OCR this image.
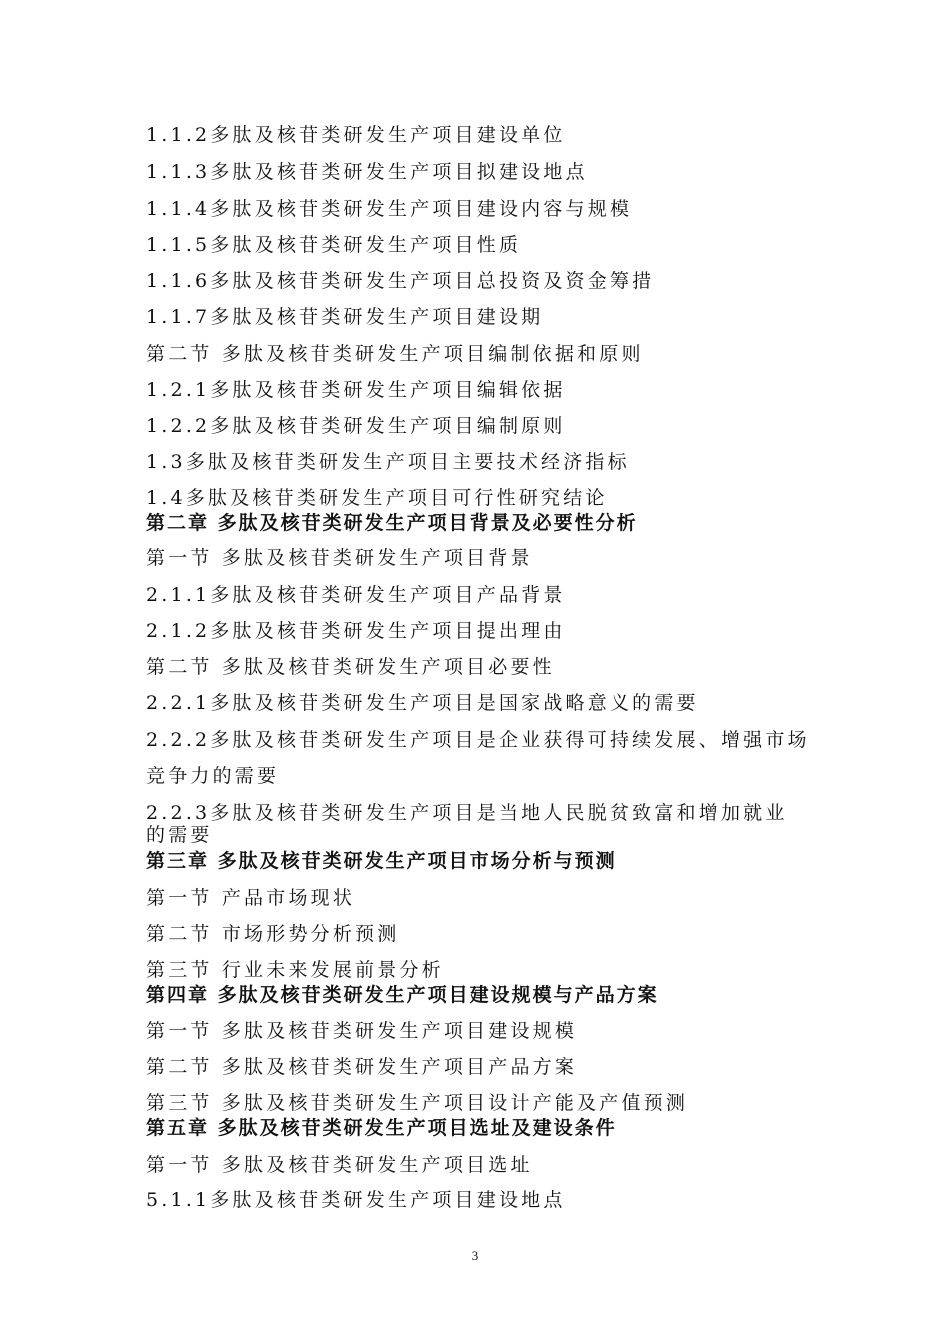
1.1.2多肽及核苷类研发生产项目建设单位
1.1.3多肽及核苷类研发生产项目拟建设地点
1.1.4多肽及核苷类研发生产项目建设内容与规模
1.1.5多肽及核苷类研发生产项目性质
1.1.6多肽及核苷类研发生产项目总投资及资金筹措
1.1.7多肽及核苷类研发生产项目建设期
第二节 多肽及核苷类研发生产项目编制依据和原则
1.2.1多肽及核苷类研发生产项目编辑依据
1.2.2多肽及核苷类研发生产项目编制原则
1.3多肽及核苷类研发生产项目主要技术经济指标
1.4多肽及核苷类研发生产项目可行性研究结论
第二章 多肽及核苷类研发生产项目背景及必要性分析
第一节 多肽及核苷类研发生产项目背景
2.1.1多肽及核苷类研发生产项目产品背景
2.1.2多肽及核苷类研发生产项目提出理由
第二节 多肽及核苷类研发生产项目必要性
2.2.1多肽及核苷类研发生产项目是国家战略意义的需要
2.2.2多肽及核苷类研发生产项目是企业获得可持续发展、增强市场
竞争力的需要
2.2.3多肽及核苷类研发生产项目是当地人民脱贫致富和增加就业
的需要
第三章 多肽及核苷类研发生产项目市场分析与预测
第一节 产品市场现状
第二节 市场形势分析预测
第三节 行业未来发展前景分析
第四章 多肽及核苷类研发生产项目建设规模与产品方案
第一节 多肽及核苷类研发生产项目建设规模
第二节 多肽及核苷类研发生产项目产品方案
第三节 多肽及核苷类研发生产项目设计产能及产值预测
第五章 多肽及核苷类研发生产项目选址及建设条件
第一节 多肽及核苷类研发生产项目选址
5.1.1多肽及核苷类研发生产项目建设地点
3
